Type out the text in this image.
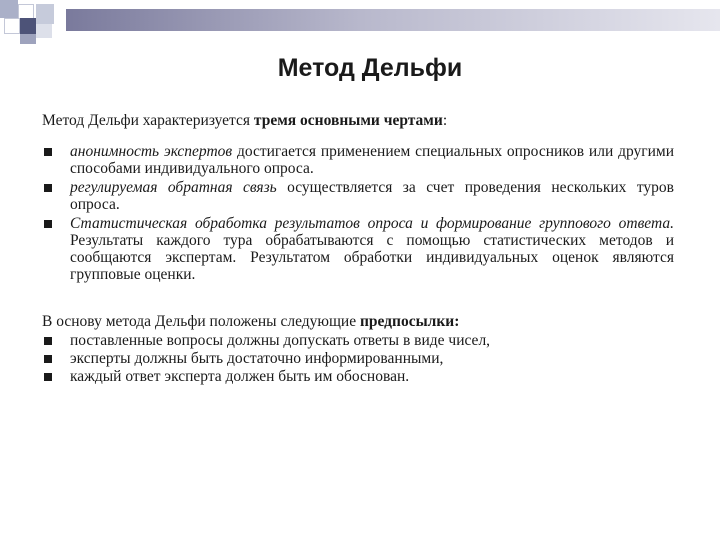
Метод Дельфи

Метод Дельфи характеризуется тремя основными чертами:

анонимность экспертов достигается применением специальных опросников или другими способами индивидуального опроса.
регулируемая обратная связь осуществляется за счет проведения нескольких туров опроса.
Статистическая обработка результатов опроса и формирование группового ответа. Результаты каждого тура обрабатываются с помощью статистических методов и сообщаются экспертам. Результатом обработки индивидуальных оценок являются групповые оценки.

В основу метода Дельфи положены следующие предпосылки:

поставленные вопросы должны допускать ответы в виде чисел,
эксперты должны быть достаточно информированными,
каждый ответ эксперта должен быть им обоснован.
